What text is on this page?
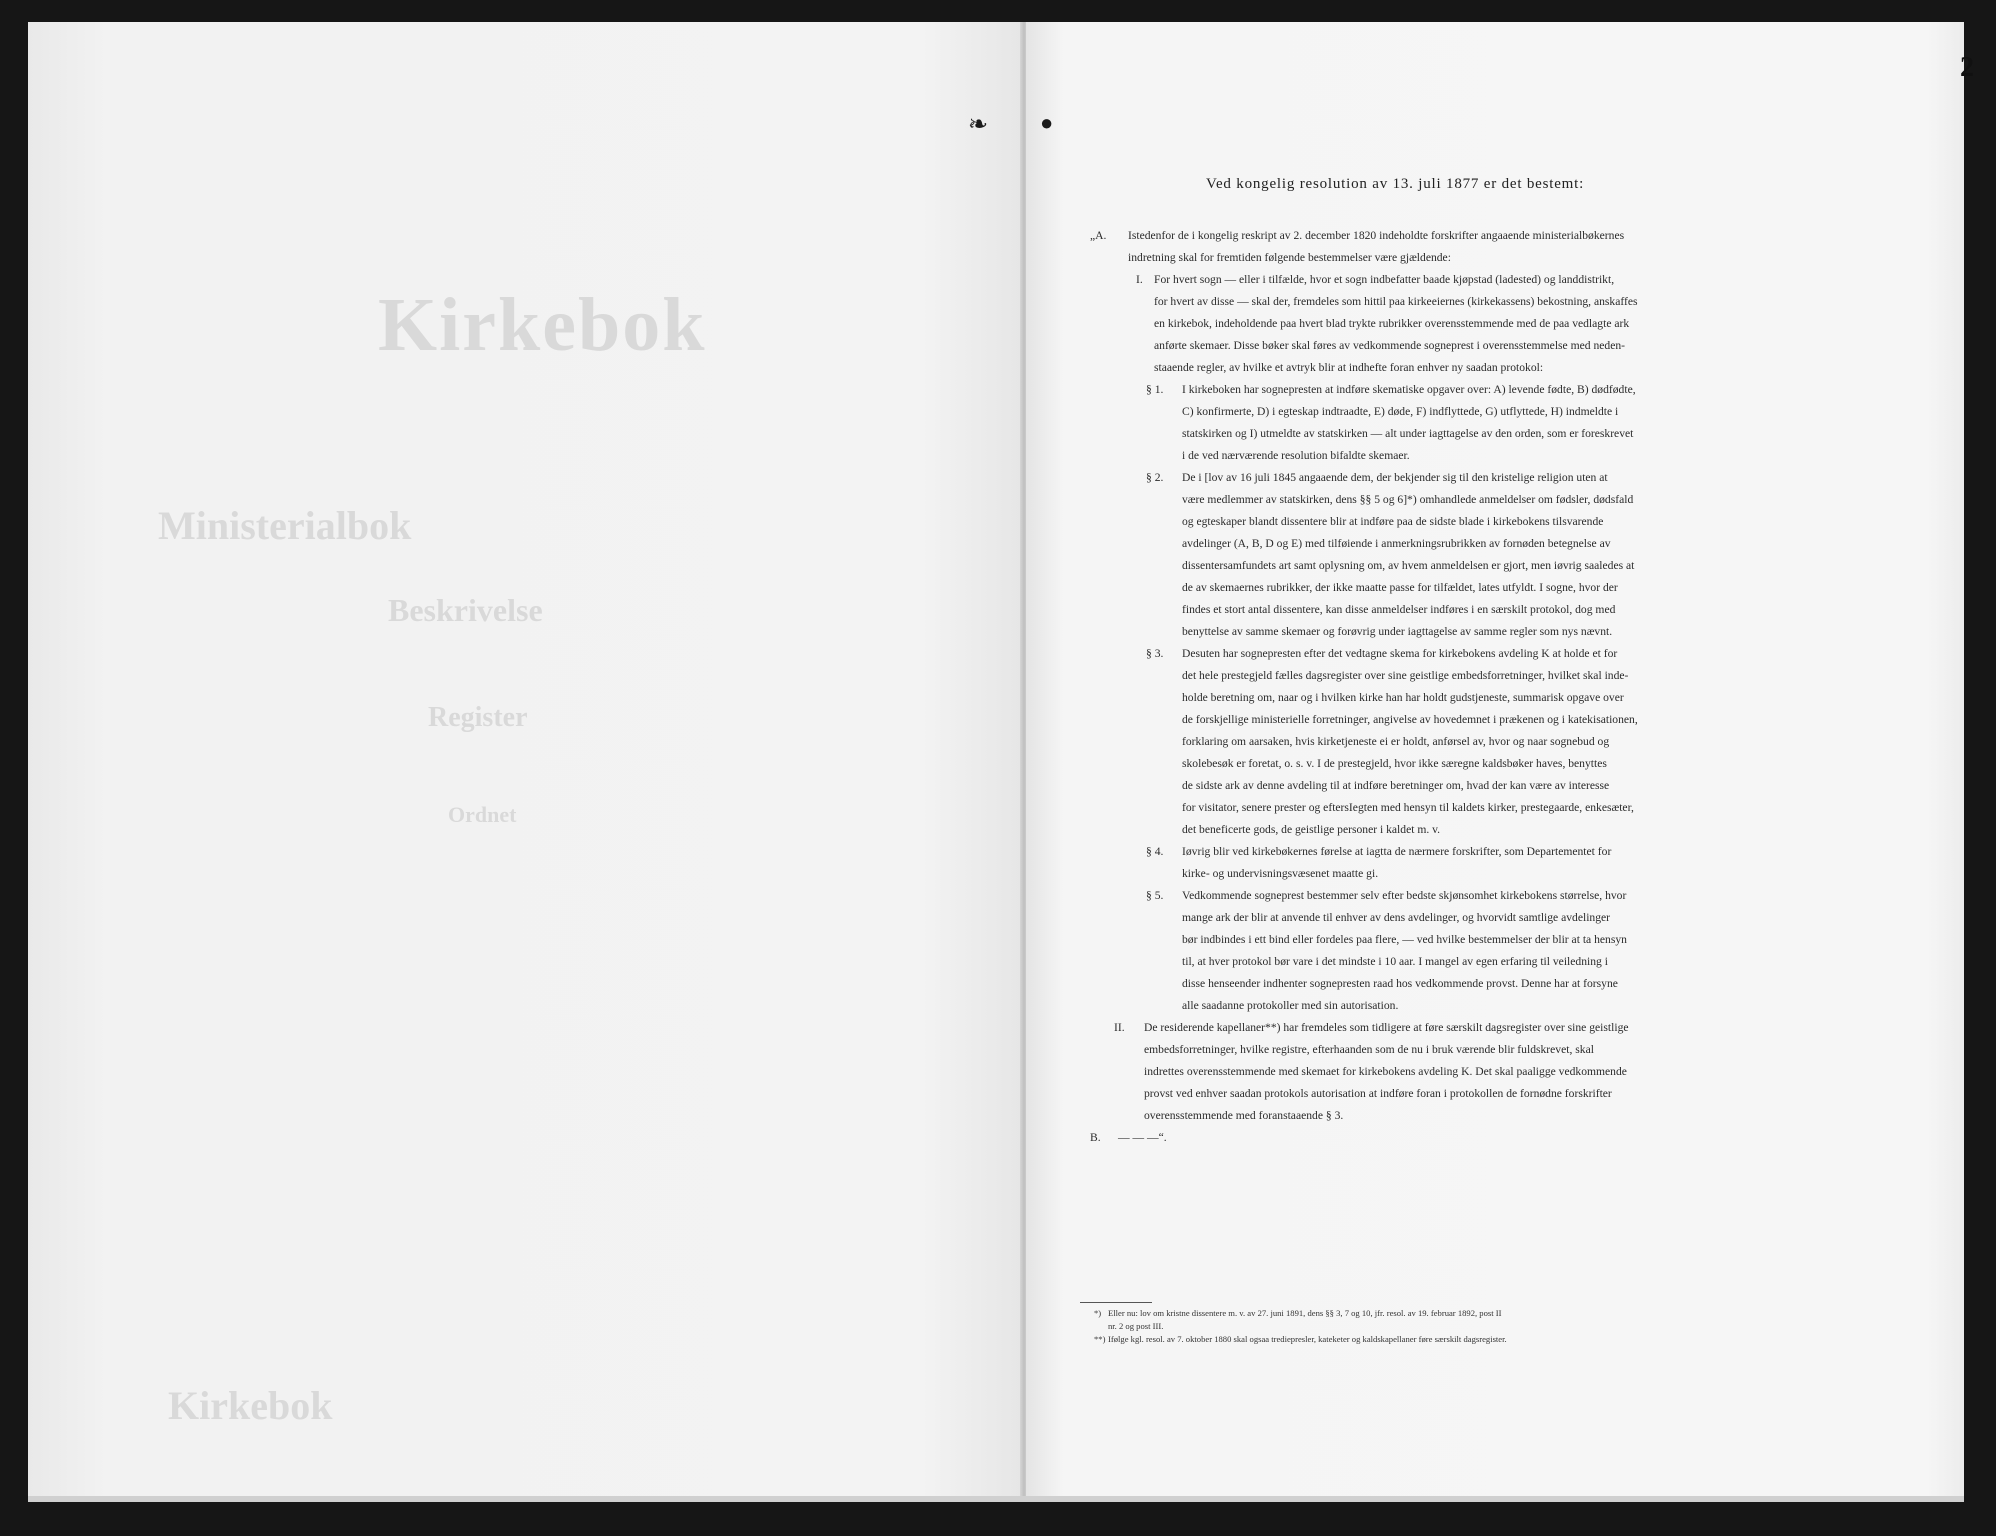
Kirkebok
Ministerialbok
Beskrivelse
Register
Ordnet
Kirkebok
2
❧ ●
Ved kongelig resolution av 13. juli 1877 er det bestemt:
„A. Istedenfor de i kongelig reskript av 2. december 1820 indeholdte forskrifter angaaende ministerialbøkernes
indretning skal for fremtiden følgende bestemmelser være gjældende:
I. For hvert sogn — eller i tilfælde, hvor et sogn indbefatter baade kjøpstad (ladested) og landdistrikt,
for hvert av disse — skal der, fremdeles som hittil paa kirkeeiernes (kirkekassens) bekostning, anskaffes
en kirkebok, indeholdende paa hvert blad trykte rubrikker overensstemmende med de paa vedlagte ark
anførte skemaer. Disse bøker skal føres av vedkommende sogneprest i overensstemmelse med neden-
staaende regler, av hvilke et avtryk blir at indhefte foran enhver ny saadan protokol:
§ 1. I kirkeboken har sognepresten at indføre skematiske opgaver over: A) levende fødte, B) dødfødte,
C) konfirmerte, D) i egteskap indtraadte, E) døde, F) indflyttede, G) utflyttede, H) indmeldte i
statskirken og I) utmeldte av statskirken — alt under iagttagelse av den orden, som er foreskrevet
i de ved nærværende resolution bifaldte skemaer.
§ 2. De i [lov av 16 juli 1845 angaaende dem, der bekjender sig til den kristelige religion uten at
være medlemmer av statskirken, dens §§ 5 og 6]*) omhandlede anmeldelser om fødsler, dødsfald
og egteskaper blandt dissentere blir at indføre paa de sidste blade i kirkebokens tilsvarende
avdelinger (A, B, D og E) med tilføiende i anmerkningsrubrikken av fornøden betegnelse av
dissentersamfundets art samt oplysning om, av hvem anmeldelsen er gjort, men iøvrig saaledes at
de av skemaernes rubrikker, der ikke maatte passe for tilfældet, lates utfyldt. I sogne, hvor der
findes et stort antal dissentere, kan disse anmeldelser indføres i en særskilt protokol, dog med
benyttelse av samme skemaer og forøvrig under iagttagelse av samme regler som nys nævnt.
§ 3. Desuten har sognepresten efter det vedtagne skema for kirkebokens avdeling K at holde et for
det hele prestegjeld fælles dagsregister over sine geistlige embedsforretninger, hvilket skal inde-
holde beretning om, naar og i hvilken kirke han har holdt gudstjeneste, summarisk opgave over
de forskjellige ministerielle forretninger, angivelse av hovedemnet i prækenen og i katekisationen,
forklaring om aarsaken, hvis kirketjeneste ei er holdt, anførsel av, hvor og naar sognebud og
skolebesøk er foretat, o. s. v. I de prestegjeld, hvor ikke særegne kaldsbøker haves, benyttes
de sidste ark av denne avdeling til at indføre beretninger om, hvad der kan være av interesse
for visitator, senere prester og eftersIegten med hensyn til kaldets kirker, prestegaarde, enkesæter,
det beneficerte gods, de geistlige personer i kaldet m. v.
§ 4. Iøvrig blir ved kirkebøkernes førelse at iagtta de nærmere forskrifter, som Departementet for
kirke- og undervisningsvæsenet maatte gi.
§ 5. Vedkommende sogneprest bestemmer selv efter bedste skjønsomhet kirkebokens størrelse, hvor
mange ark der blir at anvende til enhver av dens avdelinger, og hvorvidt samtlige avdelinger
bør indbindes i ett bind eller fordeles paa flere, — ved hvilke bestemmelser der blir at ta hensyn
til, at hver protokol bør vare i det mindste i 10 aar. I mangel av egen erfaring til veiledning i
disse henseender indhenter sognepresten raad hos vedkommende provst. Denne har at forsyne
alle saadanne protokoller med sin autorisation.
II. De residerende kapellaner**) har fremdeles som tidligere at føre særskilt dagsregister over sine geistlige
embedsforretninger, hvilke registre, efterhaanden som de nu i bruk værende blir fuldskrevet, skal
indrettes overensstemmende med skemaet for kirkebokens avdeling K. Det skal paaligge vedkommende
provst ved enhver saadan protokols autorisation at indføre foran i protokollen de fornødne forskrifter
overensstemmende med foranstaaende § 3.
B. — — —“.
*) Eller nu: lov om kristne dissentere m. v. av 27. juni 1891, dens §§ 3, 7 og 10, jfr. resol. av 19. februar 1892, post II
nr. 2 og post III.
**) Ifølge kgl. resol. av 7. oktober 1880 skal ogsaa trediepresler, kateketer og kaldskapellaner føre særskilt dagsregister.
